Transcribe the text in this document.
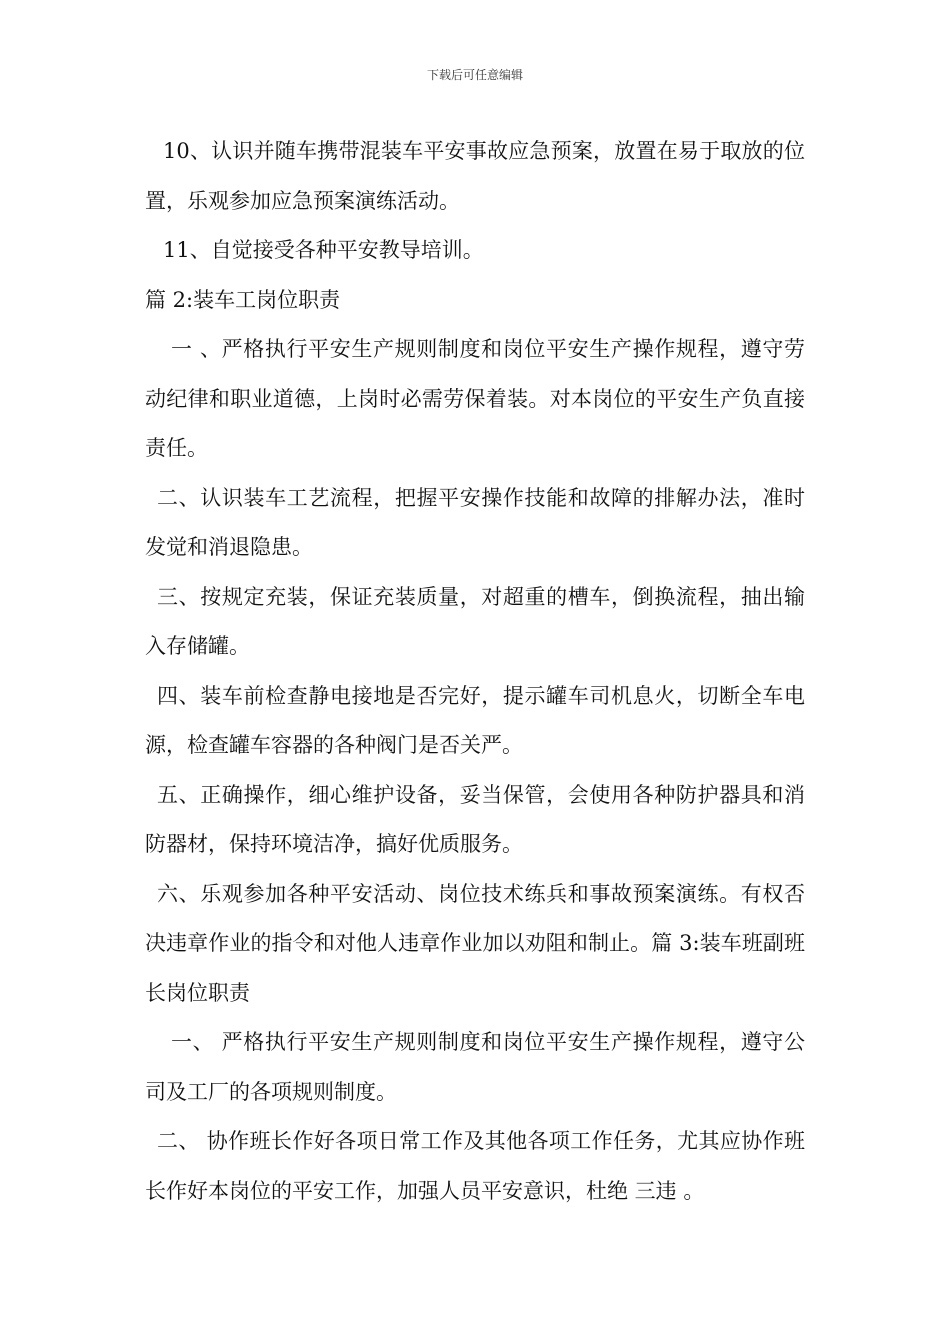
下载后可任意编辑

10、认识并随车携带混装车平安事故应急预案，放置在易于取放的位置，乐观参加应急预案演练活动。

11、自觉接受各种平安教导培训。

篇 2:装车工岗位职责

一 、严格执行平安生产规则制度和岗位平安生产操作规程，遵守劳动纪律和职业道德，上岗时必需劳保着装。对本岗位的平安生产负直接责任。

二、认识装车工艺流程，把握平安操作技能和故障的排解办法，准时发觉和消退隐患。

三、按规定充装，保证充装质量，对超重的槽车，倒换流程，抽出输入存储罐。

四、装车前检查静电接地是否完好，提示罐车司机息火，切断全车电源，检查罐车容器的各种阀门是否关严。

五、正确操作，细心维护设备，妥当保管，会使用各种防护器具和消防器材，保持环境洁净，搞好优质服务。

六、乐观参加各种平安活动、岗位技术练兵和事故预案演练。有权否决违章作业的指令和对他人违章作业加以劝阻和制止。篇 3:装车班副班长岗位职责

一、 严格执行平安生产规则制度和岗位平安生产操作规程，遵守公司及工厂的各项规则制度。

二、 协作班长作好各项日常工作及其他各项工作任务，尤其应协作班长作好本岗位的平安工作，加强人员平安意识，杜绝 三违 。
